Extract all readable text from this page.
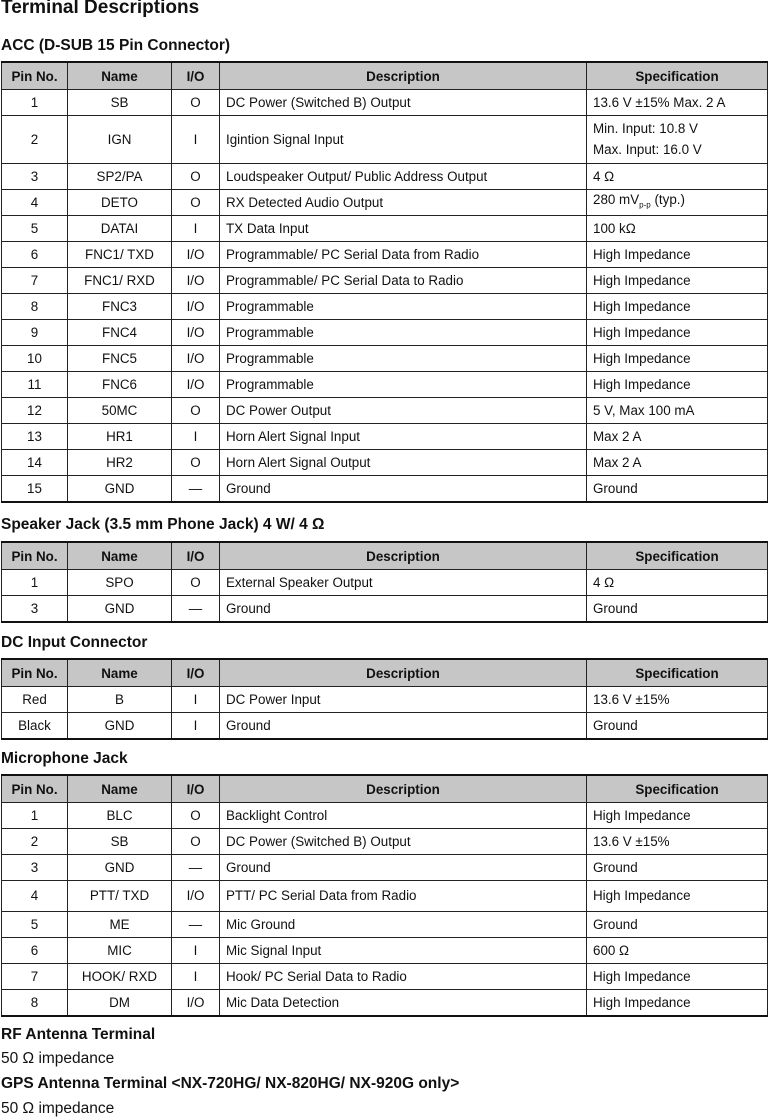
Terminal Descriptions
ACC (D-SUB 15 Pin Connector)
Pin No.	Name	I/O	Description	Specification
1	SB	O	DC Power (Switched B) Output	13.6 V ±15% Max. 2 A
2	IGN	I	Igintion Signal Input	Min. Input: 10.8 V
Max. Input: 16.0 V

3	SP2/PA	O	Loudspeaker Output/ Public Address Output	4 Ω
4	DETO	O	RX Detected Audio Output	280 $mV_{p-p}$ (typ.)
5	DATAI	I	TX Data Input	100 kΩ
6	FNC1/ TXD	I/O	Programmable/ PC Serial Data from Radio	High Impedance
7	FNC1/ RXD	I/O	Programmable/ PC Serial Data to Radio	High Impedance
8	FNC3	I/O	Programmable	High Impedance
9	FNC4	I/O	Programmable	High Impedance
10	FNC5	I/O	Programmable	High Impedance
11	FNC6	I/O	Programmable	High Impedance
12	50MC	O	DC Power Output	5 V, Max 100 mA
13	HR1	I	Horn Alert Signal Input	Max 2 A
14	HR2	O	Horn Alert Signal Output	Max 2 A
15	GND	—	Ground	Ground
Speaker Jack (3.5 mm Phone Jack) 4 W/ 4 Ω
Pin No.	Name	I/O	Description	Specification
1	SPO	O	External Speaker Output	4 Ω
3	GND	—	Ground	Ground
DC Input Connector
Pin No.	Name	I/O	Description	Specification
Red	B	I	DC Power Input	13.6 V ±15%
Black	GND	I	Ground	Ground
Microphone Jack
Pin No.	Name	I/O	Description	Specification
1	BLC	O	Backlight Control	High Impedance
2	SB	O	DC Power (Switched B) Output	13.6 V ±15%
3	GND	—	Ground	Ground
4	PTT/ TXD	I/O	PTT/ PC Serial Data from Radio	High Impedance
5	ME	—	Mic Ground	Ground
6	MIC	I	Mic Signal Input	600 Ω
7	HOOK/ RXD	I	Hook/ PC Serial Data to Radio	High Impedance
8	DM	I/O	Mic Data Detection	High Impedance
RF Antenna Terminal
50 Ω impedance
GPS Antenna Terminal <NX-720HG/ NX-820HG/ NX-920G only>
50 Ω impedance
